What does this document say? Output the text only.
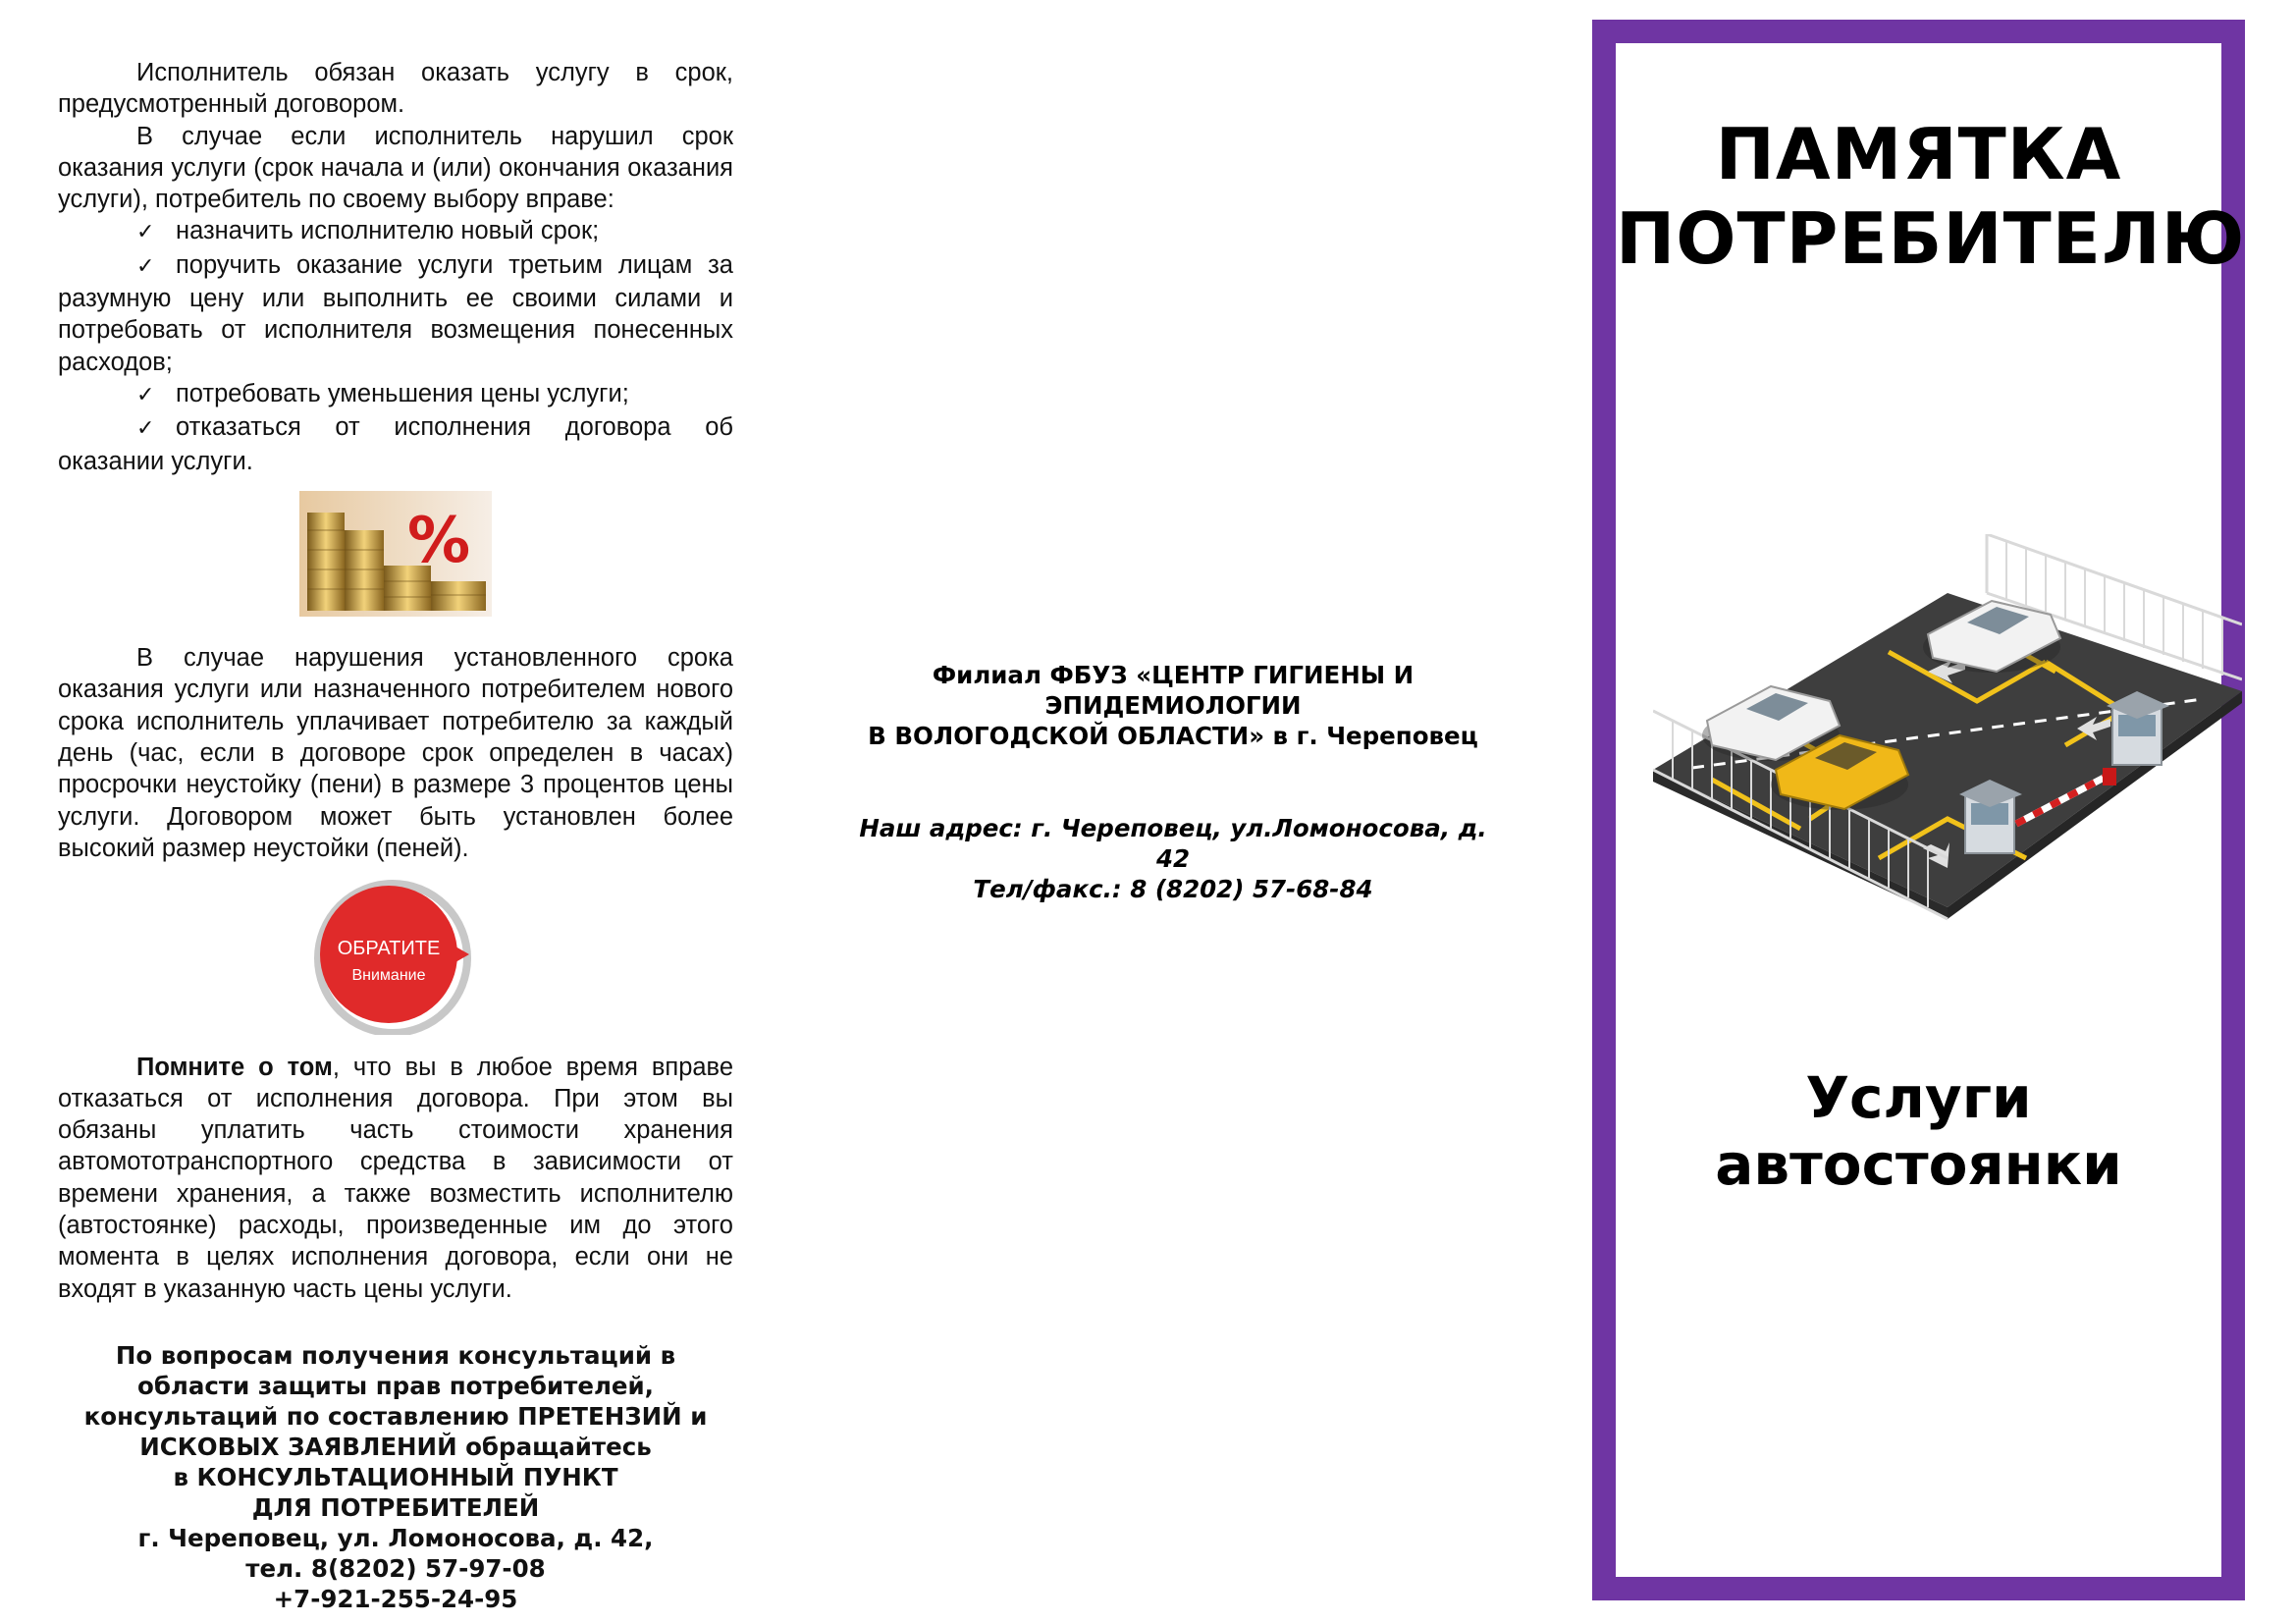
Исполнитель обязан оказать услугу в срок, предусмотренный договором.

В случае если исполнитель нарушил срок оказания услуги (срок начала и (или) окончания оказания услуги), потребитель по своему выбору вправе:

✓ назначить исполнителю новый срок;

✓ поручить оказание услуги третьим лицам за разумную цену или выполнить ее своими силами и потребовать от исполнителя возмещения понесенных расходов;

✓ потребовать уменьшения цены услуги;

✓ отказаться от исполнения договора об оказании услуги.

%

В случае нарушения установленного срока оказания услуги или назначенного потребителем нового срока исполнитель уплачивает потребителю за каждый день (час, если в договоре срок определен в часах) просрочки неустойку (пени) в размере 3 процентов цены услуги. Договором может быть установлен более высокий размер неустойки (пеней).

ОБРАТИТЕ
Внимание

Помните о том, что вы в любое время вправе отказаться от исполнения договора. При этом вы обязаны уплатить часть стоимости хранения автомототранспортного средства в зависимости от времени хранения, а также возместить исполнителю (автостоянке) расходы, произведенные им до этого момента в целях исполнения договора, если они не входят в указанную часть цены услуги.

По вопросам получения консультаций в
области защиты прав потребителей,
консультаций по составлению ПРЕТЕНЗИЙ и
ИСКОВЫХ ЗАЯВЛЕНИЙ обращайтесь
в КОНСУЛЬТАЦИОННЫЙ ПУНКТ
ДЛЯ ПОТРЕБИТЕЛЕЙ
г. Череповец, ул. Ломоносова, д. 42,
тел. 8(8202) 57-97-08
+7-921-255-24-95
Филиал ФБУЗ «ЦЕНТР ГИГИЕНЫ И
ЭПИДЕМИОЛОГИИ
В ВОЛОГОДСКОЙ ОБЛАСТИ» в г. Череповец
Наш адрес: г. Череповец, ул.Ломоносова, д.
42
Тел/факс.: 8 (8202) 57-68-84
ПАМЯТКА
ПОТРЕБИТЕЛЮ
Услуги
автостоянки
